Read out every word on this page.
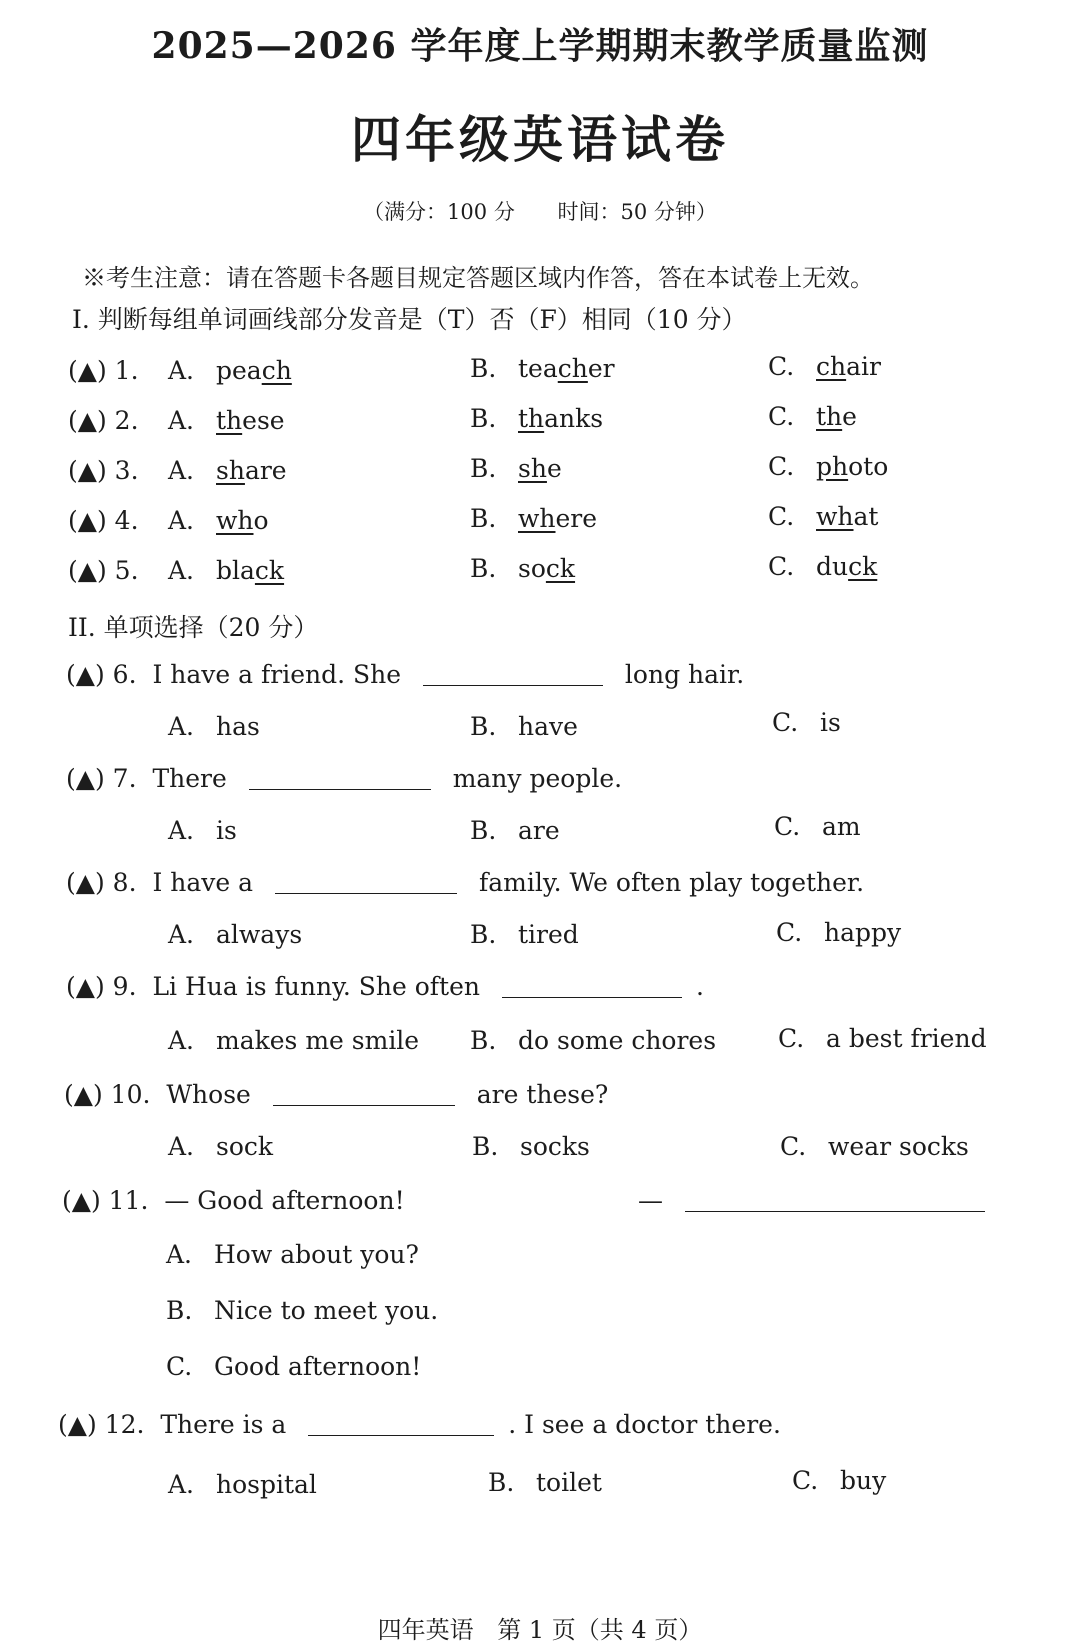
2025—2026 学年度上学期期末教学质量监测
四年级英语试卷
（满分：100 分 时间：50 分钟）
※考生注意：请在答题卡各题目规定答题区域内作答，答在本试卷上无效。
I. 判断每组单词画线部分发音是（T）否（F）相同（10 分）
(▲) 1. A. peach	B. teacher	C. chair
(▲) 2. A. these	B. thanks	C. the
(▲) 3. A. share	B. she	C. photo
(▲) 4. A. who	B. where	C. what
(▲) 5. A. black	B. sock	C. duck
II. 单项选择（20 分）
(▲) 6. I have a friend. She	long hair.
A. has	B. have	C. is
(▲) 7. There	many people.
A. is	B. are	C. am
(▲) 8. I have a	family. We often play together.
A. always	B. tired	C. happy
(▲) 9. Li Hua is funny. She often	.
A. makes me smile B. do some chores C. a best friend
(▲) 10. Whose	are these?
A. sock	B. socks	C. wear socks
(▲) 11. — Good afternoon!	—
A. How about you?
B. Nice to meet you.
C. Good afternoon!
(▲) 12. There is a	. I see a doctor there.
A. hospital	B. toilet	C. buy
四年英语 第 1 页（共 4 页）
